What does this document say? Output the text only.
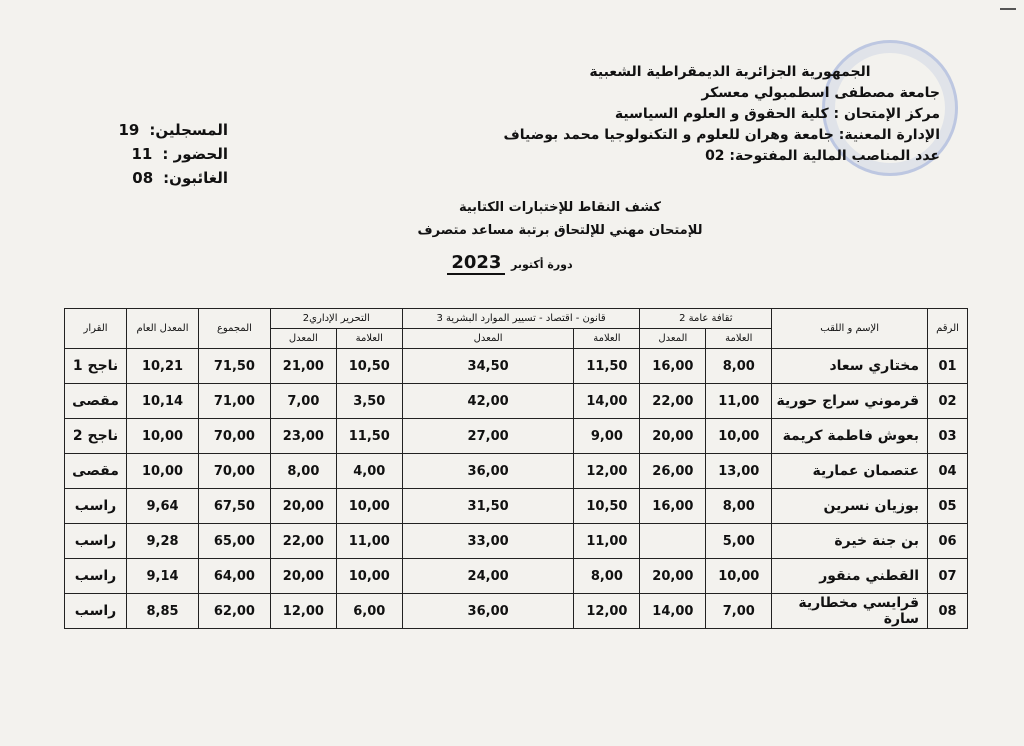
الجمهورية الجزائرية الديمقراطية الشعبية
جامعة مصطفى اسطمبولي معسكر
مركز الإمتحان : كلية الحقوق و العلوم السياسية
الإدارة المعنية: جامعة وهران للعلوم و التكنولوجيا محمد بوضياف
عدد المناصب المالية المفتوحة: 02
المسجلين:
19
الحضور :
11
الغائبون:
08
كشف النقاط للإختبارات الكتابية
للإمتحان مهني للإلتحاق برتبة مساعد متصرف
دورة أكتوبر 2023
الرقم	الإسم و اللقب	ثقافة عامة 2		قانون - اقتصاد - تسيير الموارد البشرية 3		التحرير الإداري2		المجموع	المعدل العام	القرار
		العلامة	المعدل	العلامة	المعدل	العلامة	المعدل			
01	مختاري سعاد	8,00	16,00	11,50	34,50	10,50	21,00	71,50	10,21	ناجح 1
02	قرموني سراج حورية	11,00	22,00	14,00	42,00	3,50	7,00	71,00	10,14	مقصى
03	بعوش فاطمة كريمة	10,00	20,00	9,00	27,00	11,50	23,00	70,00	10,00	ناجح 2
04	عتصمان عمارية	13,00	26,00	12,00	36,00	4,00	8,00	70,00	10,00	مقصى
05	بوزيان نسرين	8,00	16,00	10,50	31,50	10,00	20,00	67,50	9,64	راسب
06	بن جنة خيرة	5,00		11,00	33,00	11,00	22,00	65,00	9,28	راسب
07	القطني منقور	10,00	20,00	8,00	24,00	10,00	20,00	64,00	9,14	راسب
08	قرايسي مخطارية سارة	7,00	14,00	12,00	36,00	6,00	12,00	62,00	8,85	راسب
